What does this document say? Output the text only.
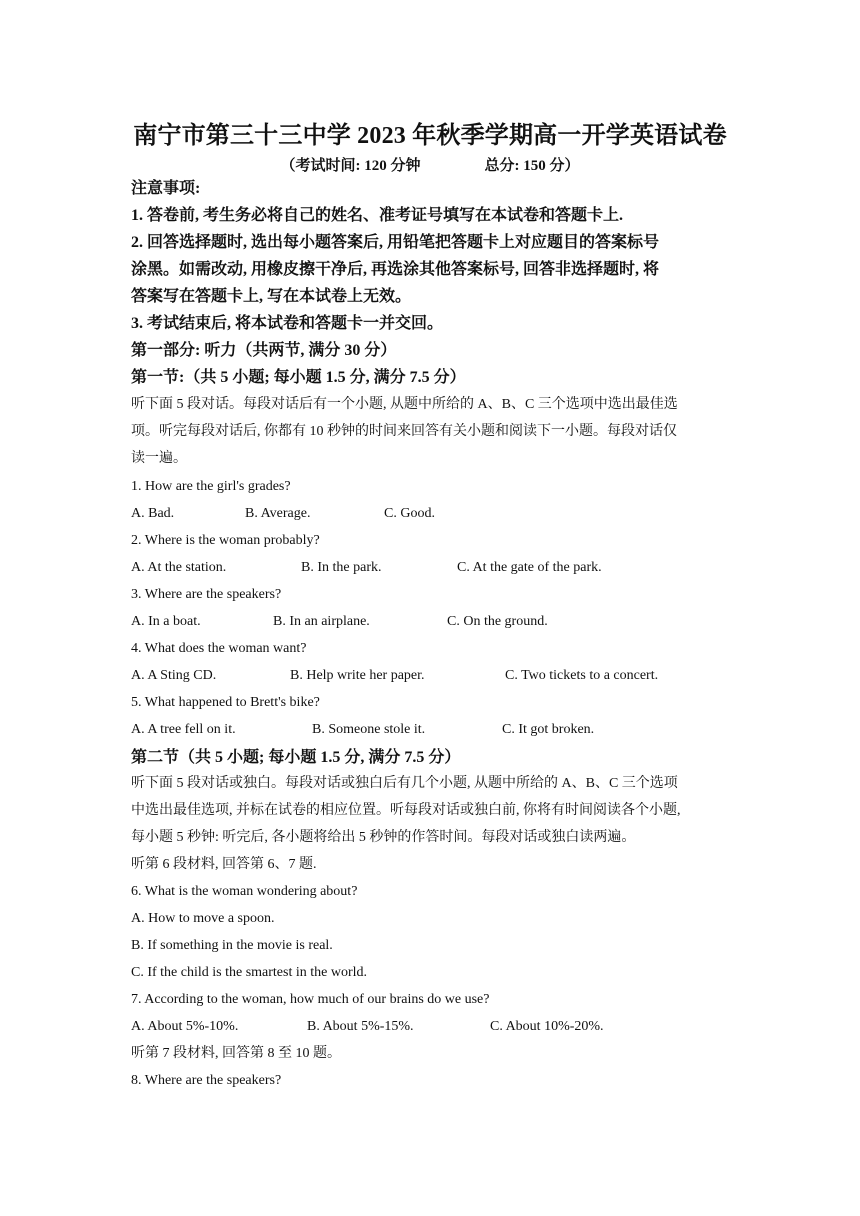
南宁市第三十三中学 2023 年秋季学期高一开学英语试卷
（考试时间: 120 分钟	总分: 150 分）
注意事项:
1. 答卷前, 考生务必将自己的姓名、准考证号填写在本试卷和答题卡上.
2. 回答选择题时, 选出每小题答案后, 用铅笔把答题卡上对应题目的答案标号
涂黑。如需改动, 用橡皮擦干净后, 再选涂其他答案标号, 回答非选择题时, 将
答案写在答题卡上, 写在本试卷上无效。
3. 考试结束后, 将本试卷和答题卡一并交回。
第一部分: 听力（共两节, 满分 30 分）
第一节:（共 5 小题; 每小题 1.5 分, 满分 7.5 分）
听下面 5 段对话。每段对话后有一个小题, 从题中所给的 A、B、C 三个选项中选出最佳选
项。听完每段对话后, 你都有 10 秒钟的时间来回答有关小题和阅读下一小题。每段对话仅
读一遍。
1. How are the girl's grades?
A. Bad.	B. Average.	C. Good.
2. Where is the woman probably?
A. At the station.	B. In the park.	C. At the gate of the park.
3. Where are the speakers?
A. In a boat.	B. In an airplane.	C. On the ground.
4. What does the woman want?
A. A Sting CD.	B. Help write her paper.	C. Two tickets to a concert.
5. What happened to Brett's bike?
A. A tree fell on it.	B. Someone stole it.	C. It got broken.
第二节（共 5 小题; 每小题 1.5 分, 满分 7.5 分）
听下面 5 段对话或独白。每段对话或独白后有几个小题, 从题中所给的 A、B、C 三个选项
中选出最佳选项, 并标在试卷的相应位置。听每段对话或独白前, 你将有时间阅读各个小题,
每小题 5 秒钟: 听完后, 各小题将给出 5 秒钟的作答时间。每段对话或独白读两遍。
听第 6 段材料, 回答第 6、7 题.
6. What is the woman wondering about?
A. How to move a spoon.
B. If something in the movie is real.
C. If the child is the smartest in the world.
7. According to the woman, how much of our brains do we use?
A. About 5%-10%.	B. About 5%-15%.	C. About 10%-20%.
听第 7 段材料, 回答第 8 至 10 题。
8. Where are the speakers?
